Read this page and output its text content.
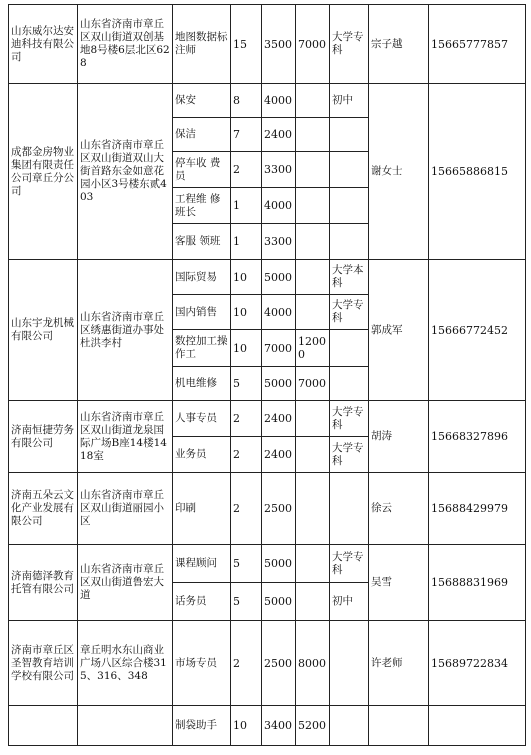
山东威尔达安迪科技有限公司	山东省济南市章丘区双山街道双创基地8号楼6层北区628	地图数据标注师	15	3500	7000	大学专科	宗子越	15665777857
成都金房物业集团有限责任公司章丘分公司	山东省济南市章丘区双山街道双山大街首路东金如意花园小区3号楼东贰403	保安	8	4000		初中	谢女士	15665886815
		保洁	7	2400				
		停车收 费员	2	3300				
		工程维 修班长	1	4000				
		客服 领班	1	3300				
山东宇龙机械有限公司	山东省济南市章丘区绣惠街道办事处杜洪李村	国际贸易	10	5000		大学本科	郭成军	15666772452
		国内销售	10	4000		大学专科		
		数控加工操作工	10	7000	12000			
		机电维修	5	5000	7000			
济南恒捷劳务有限公司	山东省济南市章丘区双山街道龙泉国际广场B座14楼1418室	人事专员	2	2400		大学专科	胡涛	15668327896
		业务员	2	2400		大学专科		
济南五朵云文化产业发展有限公司	山东省济南市章丘区双山街道丽园小区	印刷	2	2500			徐云	15688429979
济南德泽教育托管有限公司	山东省济南市章丘区双山街道鲁宏大道	课程顾问	5	5000		大学专科	吴雪	15688831969
		话务员	5	5000		初中		
济南市章丘区圣智教育培训学校有限公司	章丘明水东山商业广场八区综合楼315、316、348	市场专员	2	2500	8000		许老师	15689722834
		制袋助手	10	3400	5200			
